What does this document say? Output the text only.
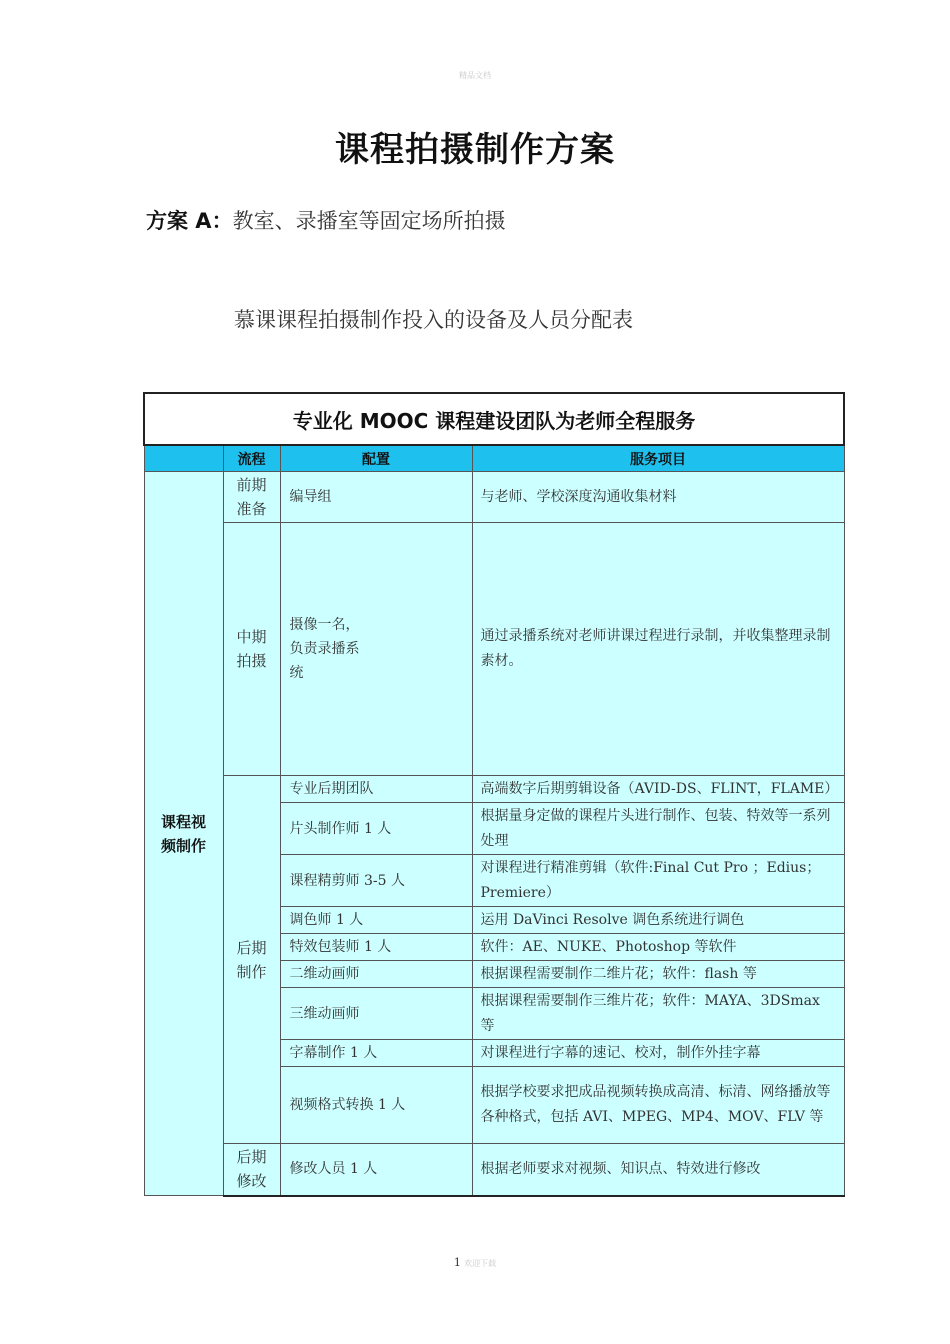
精品文档
课程拍摄制作方案
方案 A：教室、录播室等固定场所拍摄
慕课课程拍摄制作投入的设备及人员分配表
专业化 MOOC 课程建设团队为老师全程服务			
	流程	配置	服务项目

课程视频制作	前期准备	编导组	与老师、学校深度沟通收集材料

	中期拍摄	摄像一名，负责录播系统	通过录播系统对老师讲课过程进行录制，并收集整理录制素材。

	后期制作	专业后期团队	高端数字后期剪辑设备（AVID-DS、FLINT，FLAME）
		片头制作师 1 人	根据量身定做的课程片头进行制作、包装、特效等一系列处理
		课程精剪师 3-5 人	对课程进行精准剪辑（软件:Final Cut Pro ；Edius；Premiere）
		调色师 1 人	运用 DaVinci Resolve 调色系统进行调色
		特效包装师 1 人	软件：AE、NUKE、Photoshop 等软件
		二维动画师	根据课程需要制作二维片花；软件：flash 等
		三维动画师	根据课程需要制作三维片花；软件：MAYA、3DSmax 等
		字幕制作 1 人	对课程进行字幕的速记、校对，制作外挂字幕
		视频格式转换 1 人	根据学校要求把成品视频转换成高清、标清、网络播放等各种格式，包括 AVI、MPEG、MP4、MOV、FLV 等

	后期修改	修改人员 1 人	根据老师要求对视频、知识点、特效进行修改
1 欢迎下载
